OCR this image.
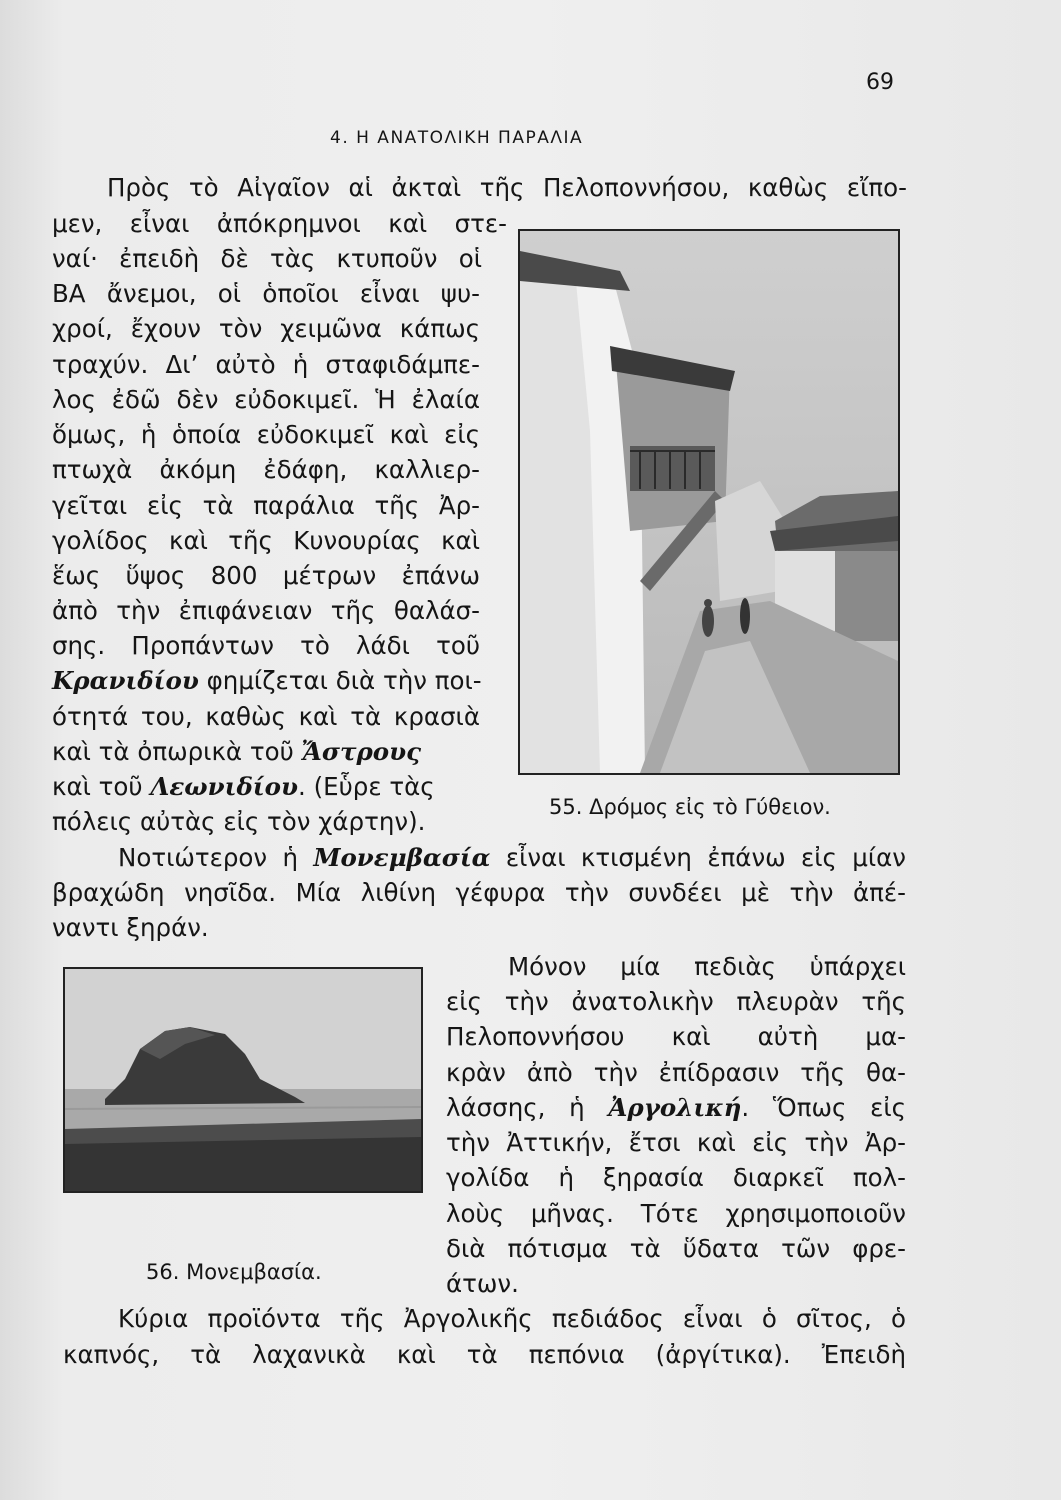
69
4. Η ΑΝΑΤΟΛΙΚΗ ΠΑΡΑΛΙΑ
Πρὸς τὸ Αἰγαῖον αἱ ἀκταὶ τῆς Πελοποννήσου, καθὼς εἴπο-
μεν, εἶναι ἀπόκρημνοι καὶ στε-
ναί· ἐπειδὴ δὲ τὰς κτυποῦν οἱ
ΒΑ ἄνεμοι, οἱ ὁποῖοι εἶναι ψυ-
χροί, ἔχουν τὸν χειμῶνα κάπως
τραχύν. Δι’ αὐτὸ ἡ σταφιδάμπε-
λος ἐδῶ δὲν εὐδοκιμεῖ. Ἡ ἐλαία
ὅμως, ἡ ὁποία εὐδοκιμεῖ καὶ εἰς
πτωχὰ ἀκόμη ἐδάφη, καλλιερ-
γεῖται εἰς τὰ παράλια τῆς Ἀρ-
γολίδος καὶ τῆς Κυνουρίας καὶ
ἕως ὕψος 800 μέτρων ἐπάνω
ἀπὸ τὴν ἐπιφάνειαν τῆς θαλάσ-
σης. Προπάντων τὸ λάδι τοῦ
Κρανιδίου φημίζεται διὰ τὴν ποι-
ότητά του, καθὼς καὶ τὰ κρασιὰ
καὶ τὰ ὀπωρικὰ τοῦ Ἄστρους
καὶ τοῦ Λεωνιδίου. (Εὗρε τὰς
πόλεις αὐτὰς εἰς τὸν χάρτην).	55. Δρόμος εἰς τὸ Γύθειον.
Νοτιώτερον ἡ Μονεμβασία εἶναι κτισμένη ἐπάνω εἰς μίαν
βραχώδη νησῖδα. Μία λιθίνη γέφυρα τὴν συνδέει μὲ τὴν ἀπέ-
ναντι ξηράν.
56. Μονεμβασία.
Μόνον μία πεδιὰς ὑπάρχει
εἰς τὴν ἀνατολικὴν πλευρὰν τῆς
Πελοποννήσου καὶ αὐτὴ μα-
κρὰν ἀπὸ τὴν ἐπίδρασιν τῆς θα-
λάσσης, ἡ Ἀργολική. Ὅπως εἰς
τὴν Ἀττικήν, ἔτσι καὶ εἰς τὴν Ἀρ-
γολίδα ἡ ξηρασία διαρκεῖ πολ-
λοὺς μῆνας. Τότε χρησιμοποιοῦν
διὰ πότισμα τὰ ὕδατα τῶν φρε-
άτων.
Κύρια προϊόντα τῆς Ἀργολικῆς πεδιάδος εἶναι ὁ σῖτος, ὁ
καπνός, τὰ λαχανικὰ καὶ τὰ πεπόνια (ἀργίτικα). Ἐπειδὴ
